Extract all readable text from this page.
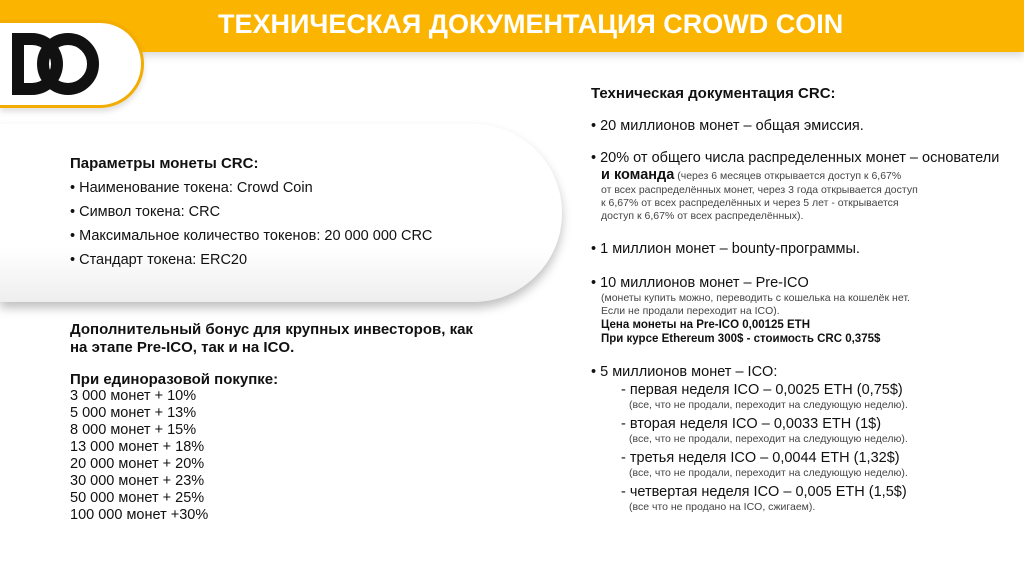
ТЕХНИЧЕСКАЯ ДОКУМЕНТАЦИЯ CROWD COIN
Параметры монеты CRC:
• Наименование токена: Crowd Coin
• Символ токена: CRC
• Максимальное количество токенов: 20 000 000 CRC
• Стандарт токена: ERC20
Дополнительный бонус для крупных инвесторов, как на этапе Pre-ICO, так и на ICO.
При единоразовой покупке:
3 000 монет + 10%
5 000 монет + 13%
8 000 монет + 15%
13 000 монет + 18%
20 000 монет + 20%
30 000 монет + 23%
50 000 монет + 25%
100 000 монет +30%
Техническая документация CRC:
• 20 миллионов монет – общая эмиссия.
• 20% от общего числа распределенных монет – основатели
и команда (через 6 месяцев открывается доступ к 6,67%
от всех распределённых монет, через 3 года открывается доступ
к 6,67% от всех распределённых и через 5 лет - открывается
доступ к 6,67% от всех распределённых).
• 1 миллион монет – bounty-программы.
• 10 миллионов монет – Pre-ICO
(монеты купить можно, переводить с кошелька на кошелёк нет.
Если не продали переходит на ICO).
Цена монеты на Pre-ICO 0,00125 ETH
При курсе Ethereum 300$ - стоимость CRC 0,375$
• 5 миллионов монет – ICO:
- первая неделя ICO – 0,0025 ETH (0,75$)
(все, что не продали, переходит на следующую неделю).
- вторая неделя ICO – 0,0033 ETH (1$)
(все, что не продали, переходит на следующую неделю).
- третья неделя ICO – 0,0044 ETH (1,32$)
(все, что не продали, переходит на следующую неделю).
- четвертая неделя ICO – 0,005 ETH (1,5$)
(все что не продано на ICO, сжигаем).
